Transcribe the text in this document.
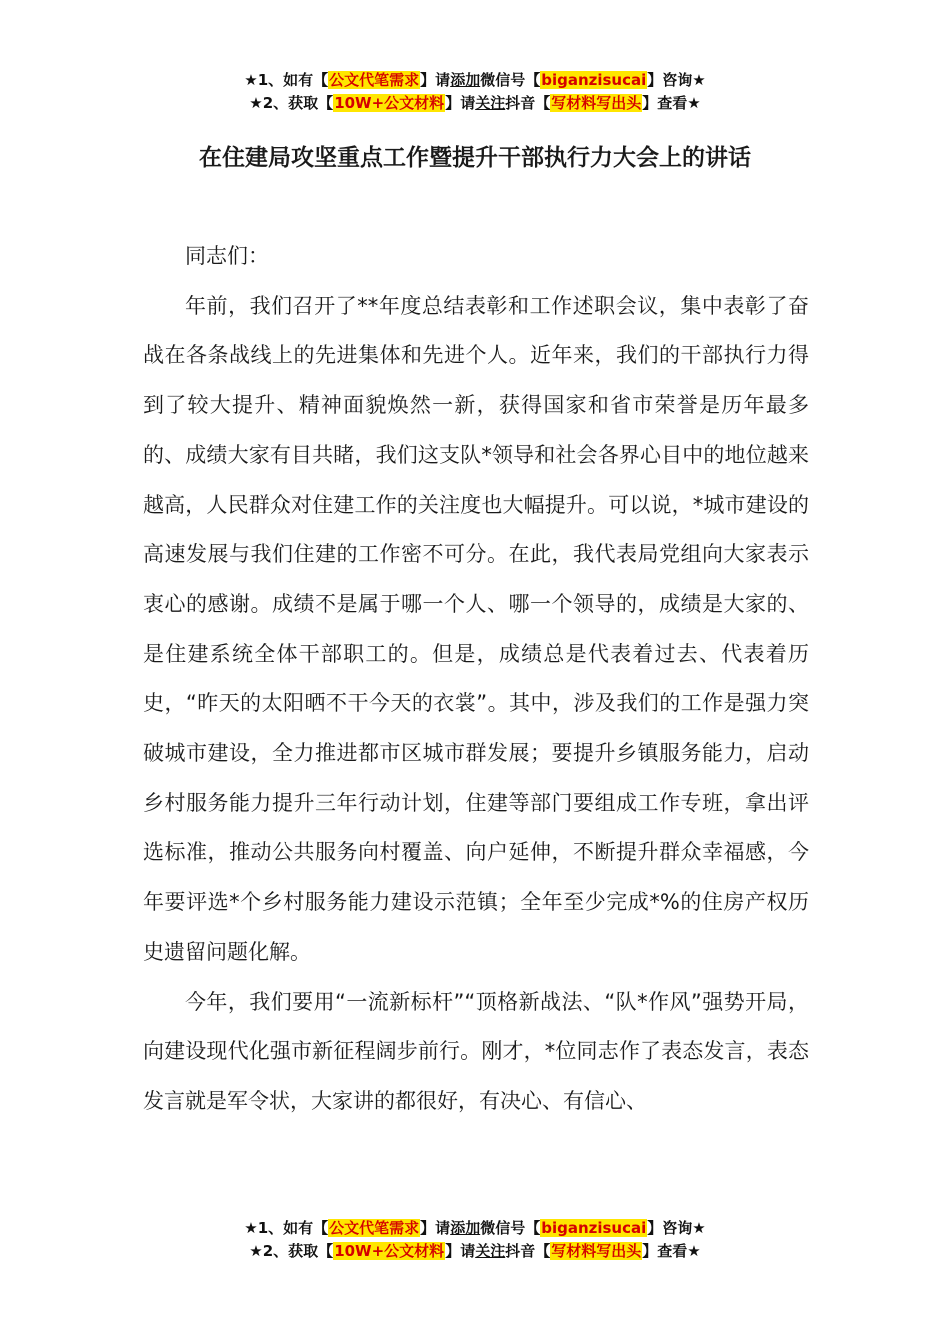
★1、如有【公文代笔需求】请添加微信号【biganzisucai】咨询★
★2、获取【10W+公文材料】请关注抖音【写材料写出头】查看★
在住建局攻坚重点工作暨提升干部执行力大会上的讲话

同志们：

年前，我们召开了**年度总结表彰和工作述职会议，集中表彰了奋战在各条战线上的先进集体和先进个人。近年来，我们的干部执行力得到了较大提升、精神面貌焕然一新，获得国家和省市荣誉是历年最多的、成绩大家有目共睹，我们这支队*领导和社会各界心目中的地位越来越高，人民群众对住建工作的关注度也大幅提升。可以说，*城市建设的高速发展与我们住建的工作密不可分。在此，我代表局党组向大家表示衷心的感谢。成绩不是属于哪一个人、哪一个领导的，成绩是大家的、是住建系统全体干部职工的。但是，成绩总是代表着过去、代表着历史，“昨天的太阳晒不干今天的衣裳”。其中，涉及我们的工作是强力突破城市建设，全力推进都市区城市群发展；要提升乡镇服务能力，启动乡村服务能力提升三年行动计划，住建等部门要组成工作专班，拿出评选标准，推动公共服务向村覆盖、向户延伸，不断提升群众幸福感，今年要评选*个乡村服务能力建设示范镇；全年至少完成*%的住房产权历史遗留问题化解。

今年，我们要用“一流新标杆”“顶格新战法、“队*作风”强势开局，向建设现代化强市新征程阔步前行。刚才，*位同志作了表态发言，表态发言就是军令状，大家讲的都很好，有决心、有信心、

★1、如有【公文代笔需求】请添加微信号【biganzisucai】咨询★
★2、获取【10W+公文材料】请关注抖音【写材料写出头】查看★
